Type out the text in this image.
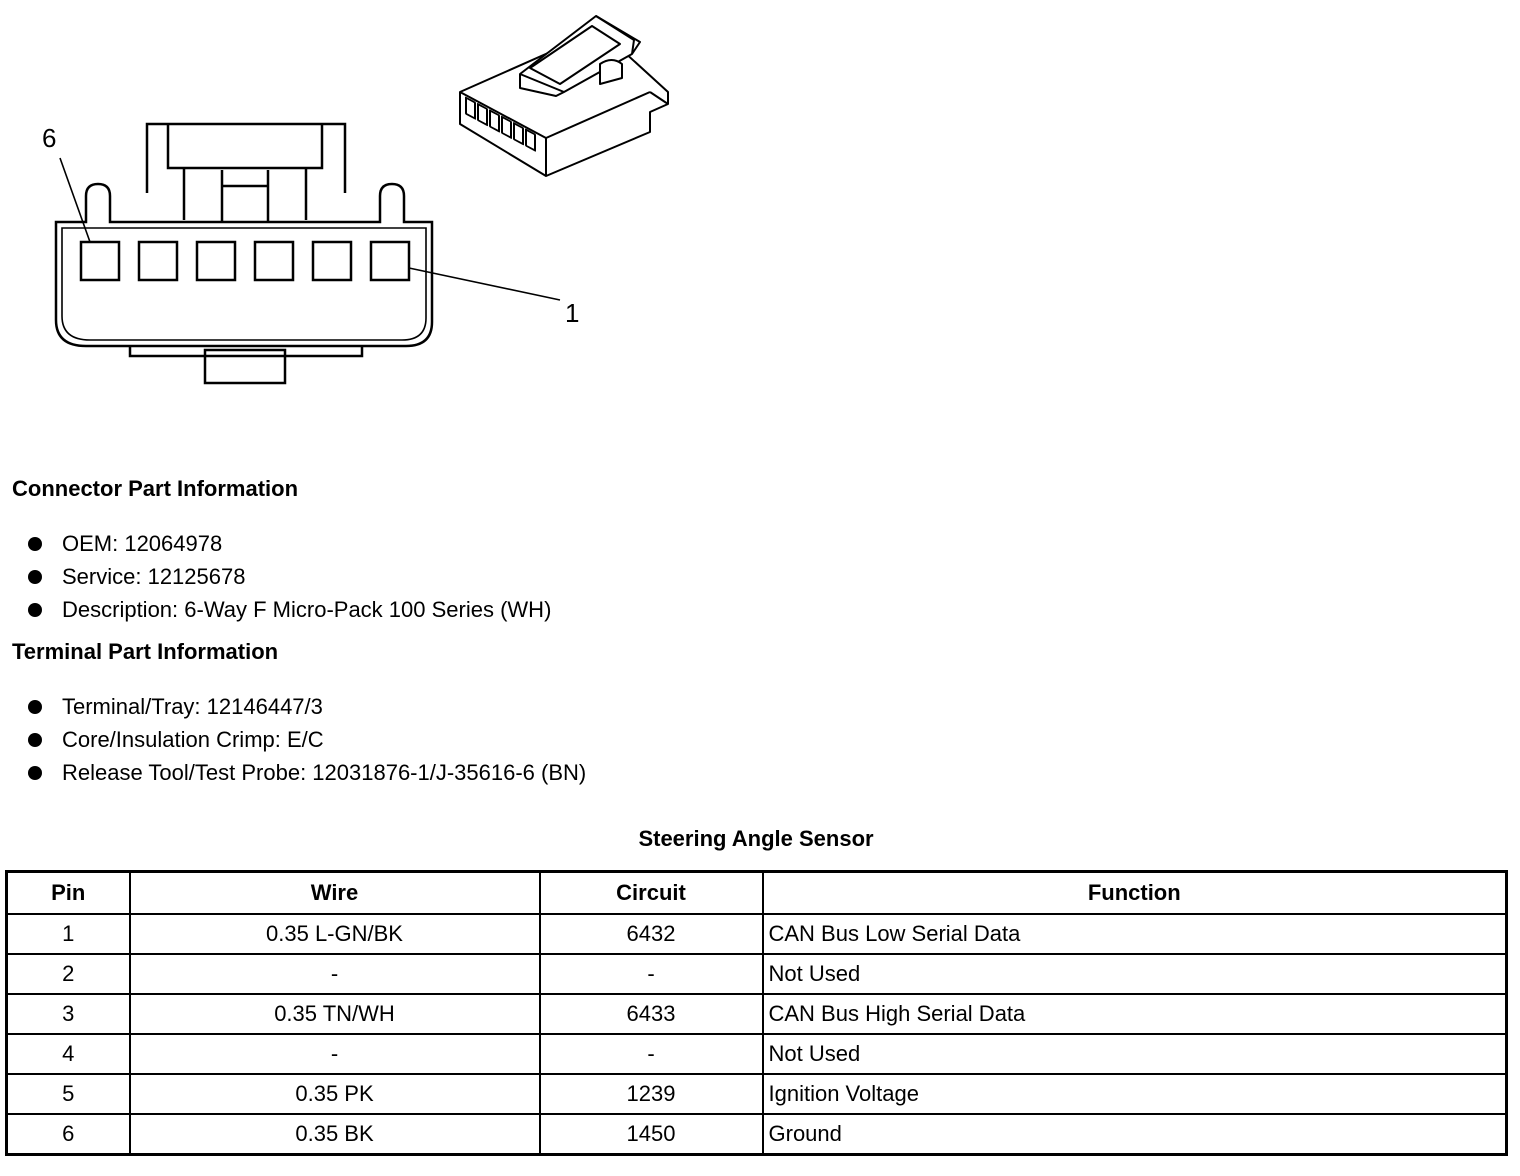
6
1
Connector Part Information
OEM: 12064978
Service: 12125678
Description: 6-Way F Micro-Pack 100 Series (WH)
Terminal Part Information
Terminal/Tray: 12146447/3
Core/Insulation Crimp: E/C
Release Tool/Test Probe: 12031876-1/J-35616-6 (BN)
Steering Angle Sensor
Pin	Wire	Circuit	Function
1	0.35 L-GN/BK	6432	CAN Bus Low Serial Data
2	-	-	Not Used
3	0.35 TN/WH	6433	CAN Bus High Serial Data
4	-	-	Not Used
5	0.35 PK	1239	Ignition Voltage
6	0.35 BK	1450	Ground
